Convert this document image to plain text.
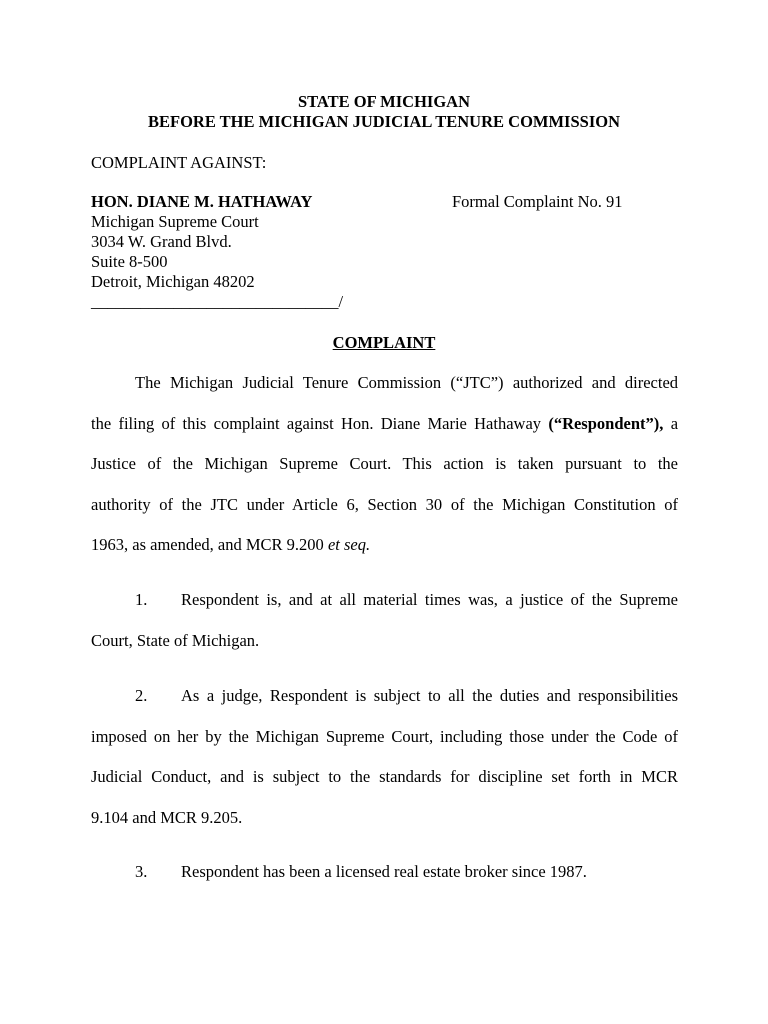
STATE OF MICHIGAN
BEFORE THE MICHIGAN JUDICIAL TENURE COMMISSION
COMPLAINT AGAINST:
HON. DIANE M. HATHAWAY	Formal Complaint No. 91
Michigan Supreme Court
3034 W. Grand Blvd.
Suite 8-500
Detroit, Michigan 48202
______________________________/
COMPLAINT
The Michigan Judicial Tenure Commission (“JTC”) authorized and directed
the filing of this complaint against Hon. Diane Marie Hathaway (“Respondent”), a
Justice of the Michigan Supreme Court. This action is taken pursuant to the
authority of the JTC under Article 6, Section 30 of the Michigan Constitution of
1963, as amended, and MCR 9.200 et seq.
1. Respondent is, and at all material times was, a justice of the Supreme
Court, State of Michigan.
2. As a judge, Respondent is subject to all the duties and responsibilities
imposed on her by the Michigan Supreme Court, including those under the Code of
Judicial Conduct, and is subject to the standards for discipline set forth in MCR
9.104 and MCR 9.205.
3. Respondent has been a licensed real estate broker since 1987.
